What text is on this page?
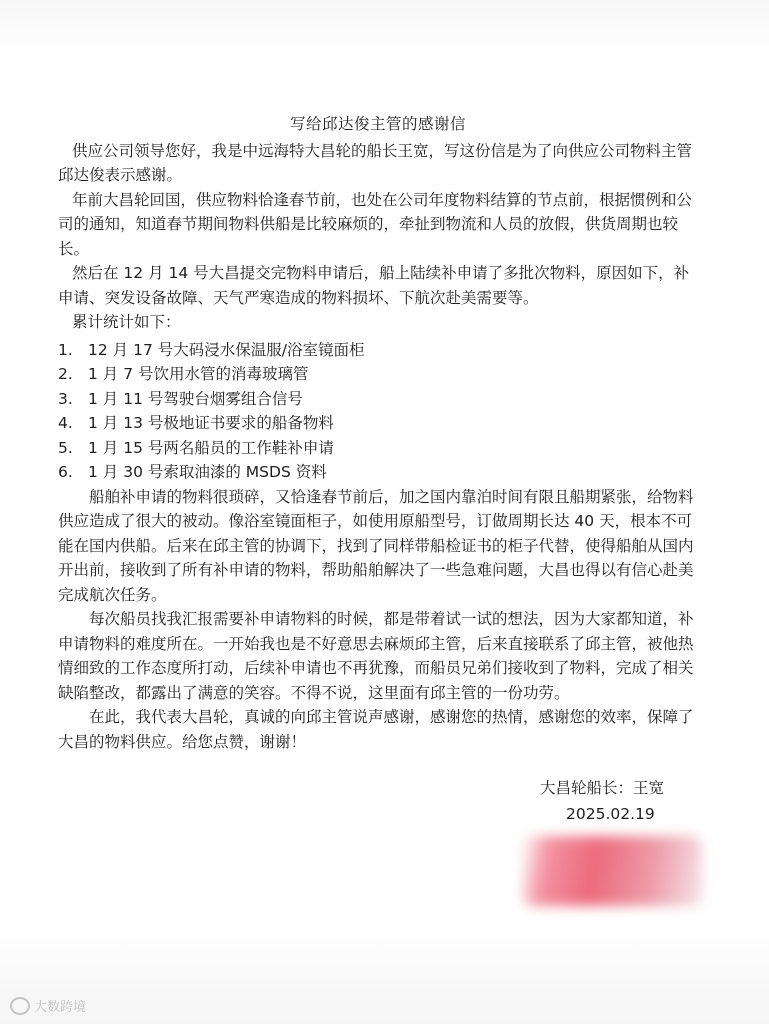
写给邱达俊主管的感谢信

供应公司领导您好，我是中远海特大昌轮的船长王宽，写这份信是为了向供应公司物料主管邱达俊表示感谢。

年前大昌轮回国，供应物料恰逢春节前，也处在公司年度物料结算的节点前，根据惯例和公司的通知，知道春节期间物料供船是比较麻烦的，牵扯到物流和人员的放假，供货周期也较长。

然后在 12 月 14 号大昌提交完物料申请后，船上陆续补申请了多批次物料，原因如下，补申请、突发设备故障、天气严寒造成的物料损坏、下航次赴美需要等。

累计统计如下：

1. 12 月 17 号大码浸水保温服/浴室镜面柜
2. 1 月 7 号饮用水管的消毒玻璃管
3. 1 月 11 号驾驶台烟雾组合信号
4. 1 月 13 号极地证书要求的船备物料
5. 1 月 15 号两名船员的工作鞋补申请
6. 1 月 30 号索取油漆的 MSDS 资料

船舶补申请的物料很琐碎，又恰逢春节前后，加之国内靠泊时间有限且船期紧张，给物料供应造成了很大的被动。像浴室镜面柜子，如使用原船型号，订做周期长达 40 天，根本不可能在国内供船。后来在邱主管的协调下，找到了同样带船检证书的柜子代替，使得船舶从国内开出前，接收到了所有补申请的物料，帮助船舶解决了一些急难问题，大昌也得以有信心赴美完成航次任务。

每次船员找我汇报需要补申请物料的时候，都是带着试一试的想法，因为大家都知道，补申请物料的难度所在。一开始我也是不好意思去麻烦邱主管，后来直接联系了邱主管，被他热情细致的工作态度所打动，后续补申请也不再犹豫，而船员兄弟们接收到了物料，完成了相关缺陷整改，都露出了满意的笑容。不得不说，这里面有邱主管的一份功劳。

在此，我代表大昌轮，真诚的向邱主管说声感谢，感谢您的热情，感谢您的效率，保障了大昌的物料供应。给您点赞，谢谢！

大昌轮船长：王宽
2025.02.19
大数跨境
